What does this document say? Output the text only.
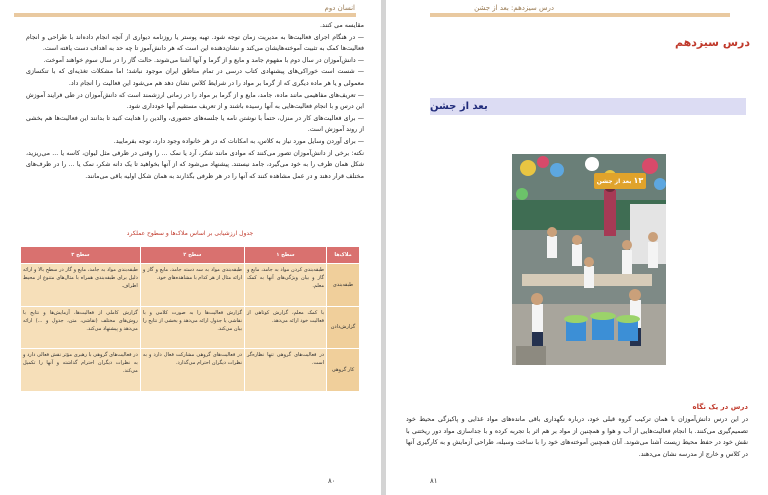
انسان دوم

مقایسه می کنند.

— در هنگام اجرای فعالیت‌ها به مدیریت زمان توجه شود. تهیه پوستر یا روزنامه دیواری از آنچه انجام داده‌اند با طراحی و انجام فعالیت‌ها کمک به تثبیت آموخته‌هایشان می‌کند و نشان‌دهنده این است که هر دانش‌آموز تا چه حد به اهداف دست یافته است.

— دانش‌آموزان در سال دوم با مفهوم جامد و مایع و از گرما و آنها آشنا می‌شوند. حالت گاز را در سال سوم خواهند آموخت.

— شست است خوراکی‌های پیشنهادی کتاب درسی در تمام مناطق ایران موجود نباشد؛ اما مشکلات تغذیه‌ای که با تنکسازی معمولی و یا هر ماده دیگری که از گرما بر مواد را در شرایط کلاس نشان دهد هم می‌شود این فعالیت را انجام داد.

— تعریف‌های مفاهیمی مانند ماده، جامد، مایع و از گرما بر مواد را در زمانی ارزشمند است که دانش‌آموزان در طی فرایند آموزش این درس و با انجام فعالیت‌هایی به آنها رسیده باشند و از تعریف مستقیم آنها خودداری شود.

— برای فعالیت‌های کار در منزل، حتماً با نوشتن نامه یا جلسه‌های حضوری، والدین را هدایت کنید تا بدانند این فعالیت‌ها هم بخشی از روند آموزش است.

— برای آوردن وسایل مورد نیاز به کلاس، به امکانات که در هر خانواده وجود دارد، توجه بفرمایید.

نکته: برخی از دانش‌آموزان تصور می‌کنند که موادی مانند شکر، آرد یا نمک ... را وقتی در ظرفی مثل لیوان، کاسه یا ... می‌ریزید، شکل همان ظرف را به خود می‌گیرد، جامد نیستند. پیشنهاد می‌شود که از آنها بخواهید تا یک دانه شکر، نمک یا ... را در ظرف‌های مختلف قرار دهند و در عمل مشاهده کنند که آنها را در هر ظرفی بگذارند به همان شکل اولیه باقی می‌مانند.

جدول ارزشیابی بر اساس ملاک‌ها و سطوح عملکرد
ملاک‌ها	سطح ۱	سطح ۲	سطح ۳
طبقه‌بندی	طبقه‌بندی کردن مواد به جامد، مایع و گاز و بیان ویژگی‌های آنها به کمک معلم.	طبقه‌بندی مواد به سه دسته جامد، مایع و گاز و ارائه مثال از هر کدام با مشاهده‌های خود.	طبقه‌بندی مواد به جامد، مایع و گاز در سطح بالا و ارائه دلیل برای طبقه‌بندی همراه با مثال‌های متنوع از محیط اطراف.
گزارش‌دادن	با کمک معلم، گزارش کوتاهی از فعالیت خود ارائه می‌دهد.	گزارش فعالیت‌ها را به صورت کلامی و با نقاشی یا جدول ارائه می‌دهد و بخشی از نتایج را بیان می‌کند.	گزارش کاملی از فعالیت‌ها، آزمایش‌ها و نتایج با روش‌های مختلف (نقاشی، متن، جدول و ...) ارائه می‌دهد و پیشنهاد می‌کند.
کار گروهی	در فعالیت‌های گروهی تنها نظاره‌گر است.	در فعالیت‌های گروهی مشارکت فعال دارد و به نظرات دیگران احترام می‌گذارد.	در فعالیت‌های گروهی با رهبری مؤثر نقش فعالی دارد و به نظرات دیگران احترام گذاشته و آنها را تکمیل می‌کند.
۸۰
درس سیزدهم: بعد از جشن
درس سیزدهم
بعد از جشن
۱۳ بعد از جشن
درس در یک نگاه
در این درس دانش‌آموزان با همان ترکیب گروه قبلی خود، درباره نگهداری باقی مانده‌های مواد غذایی و پاکیزگی محیط خود تصمیم‌گیری می‌کنند. با انجام فعالیت‌هایی از آب و هوا و همچنین از مواد بر هم اثر با تجربه کرده و با جداسازی مواد دور ریختنی با نقش خود در حفظ محیط زیست آشنا می‌شوند. آنان همچنین آموخته‌های خود را با ساخت وسیله، طراحی آزمایش و به کارگیری آنها در کلاس و خارج از مدرسه نشان می‌دهند.
۸۱
